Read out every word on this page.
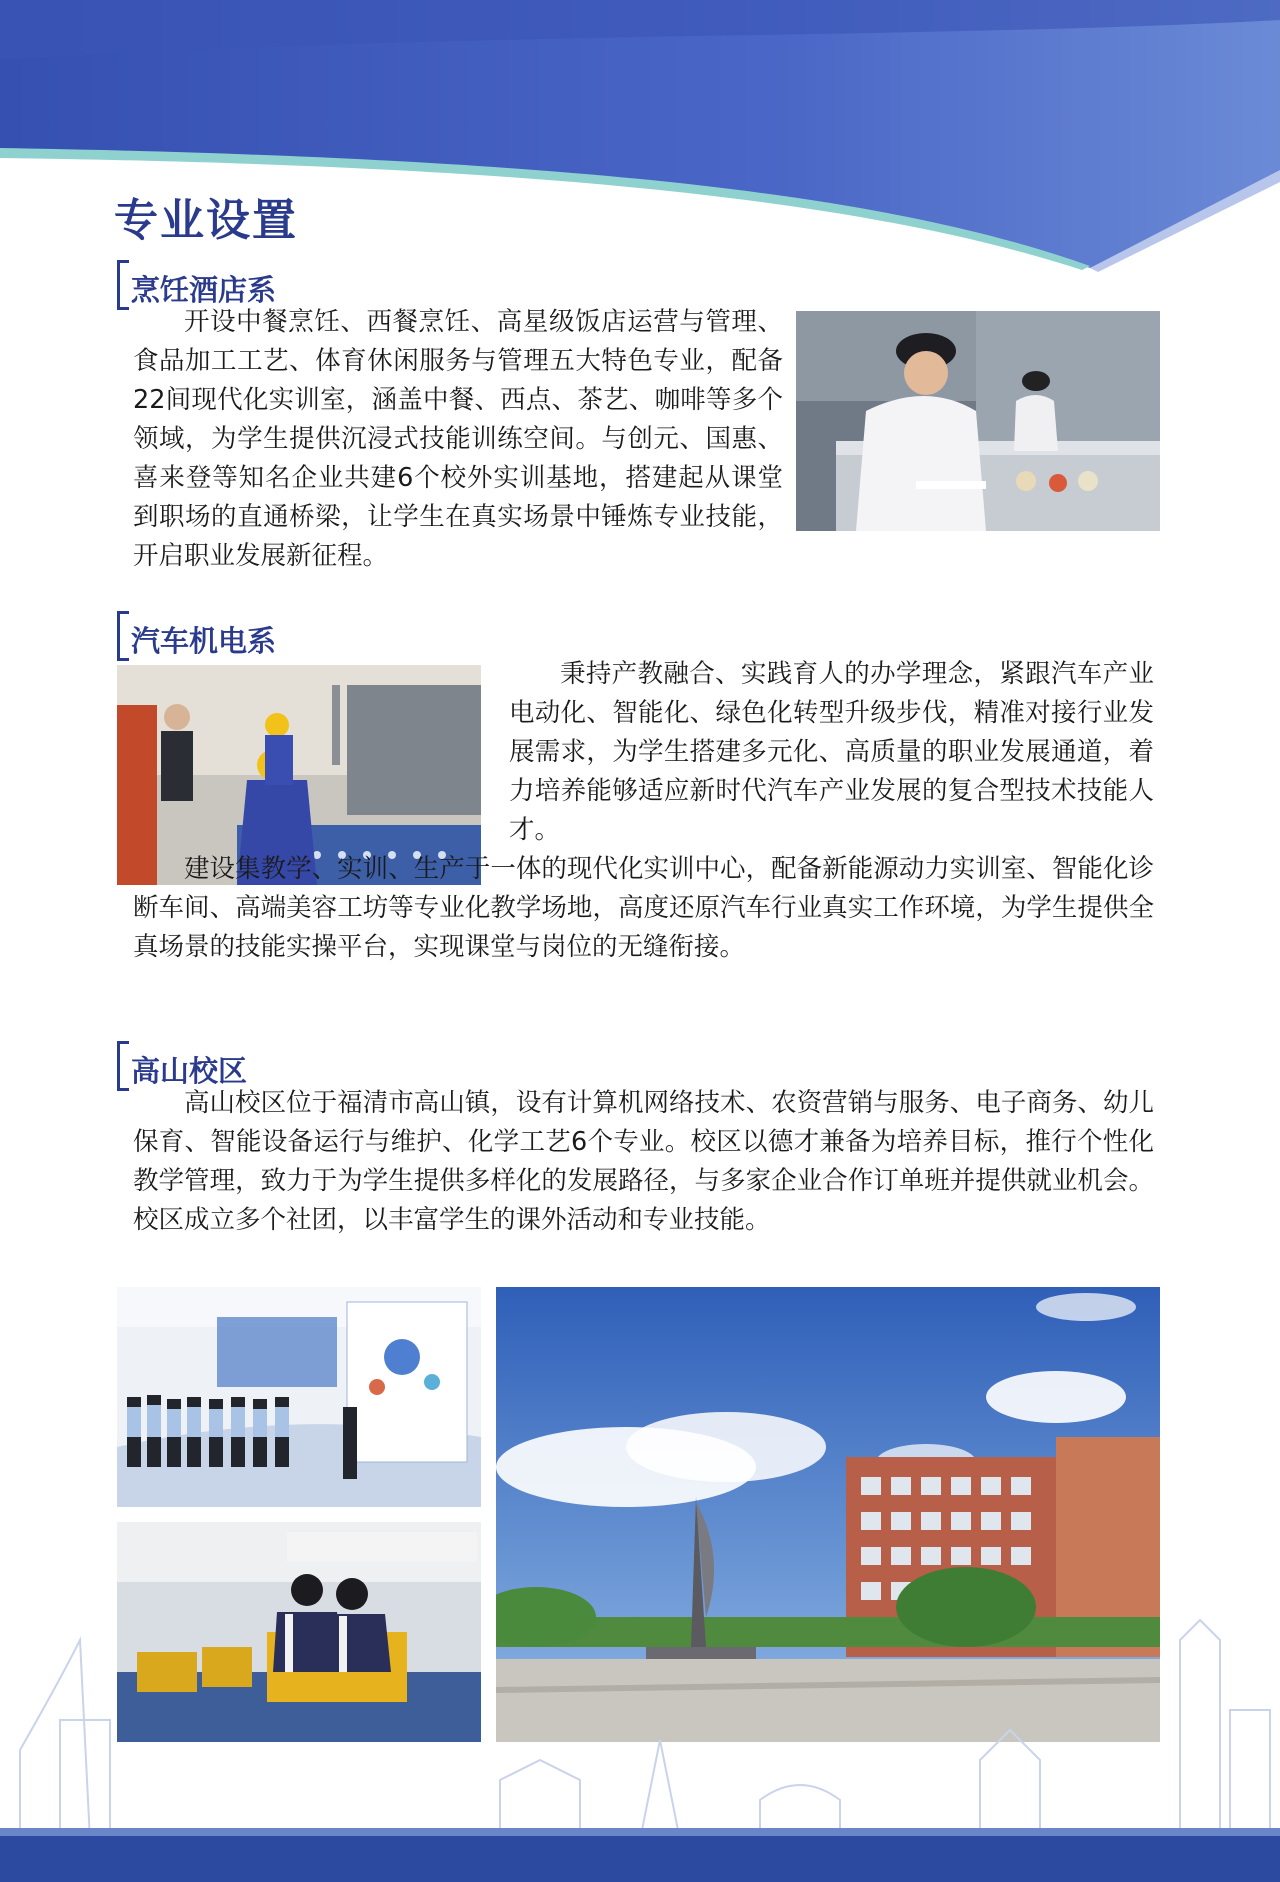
专业设置
烹饪酒店系

开设中餐烹饪、西餐烹饪、高星级饭店运营与管理、食品加工工艺、体育休闲服务与管理五大特色专业，配备22间现代化实训室，涵盖中餐、西点、茶艺、咖啡等多个领域，为学生提供沉浸式技能训练空间。与创元、国惠、喜来登等知名企业共建6个校外实训基地，搭建起从课堂到职场的直通桥梁，让学生在真实场景中锤炼专业技能，开启职业发展新征程。

汽车机电系

秉持产教融合、实践育人的办学理念，紧跟汽车产业电动化、智能化、绿色化转型升级步伐，精准对接行业发展需求，为学生搭建多元化、高质量的职业发展通道，着力培养能够适应新时代汽车产业发展的复合型技术技能人才。

建设集教学、实训、生产于一体的现代化实训中心，配备新能源动力实训室、智能化诊断车间、高端美容工坊等专业化教学场地，高度还原汽车行业真实工作环境，为学生提供全真场景的技能实操平台，实现课堂与岗位的无缝衔接。

高山校区

高山校区位于福清市高山镇，设有计算机网络技术、农资营销与服务、电子商务、幼儿保育、智能设备运行与维护、化学工艺6个专业。校区以德才兼备为培养目标，推行个性化教学管理，致力于为学生提供多样化的发展路径，与多家企业合作订单班并提供就业机会。校区成立多个社团，以丰富学生的课外活动和专业技能。
